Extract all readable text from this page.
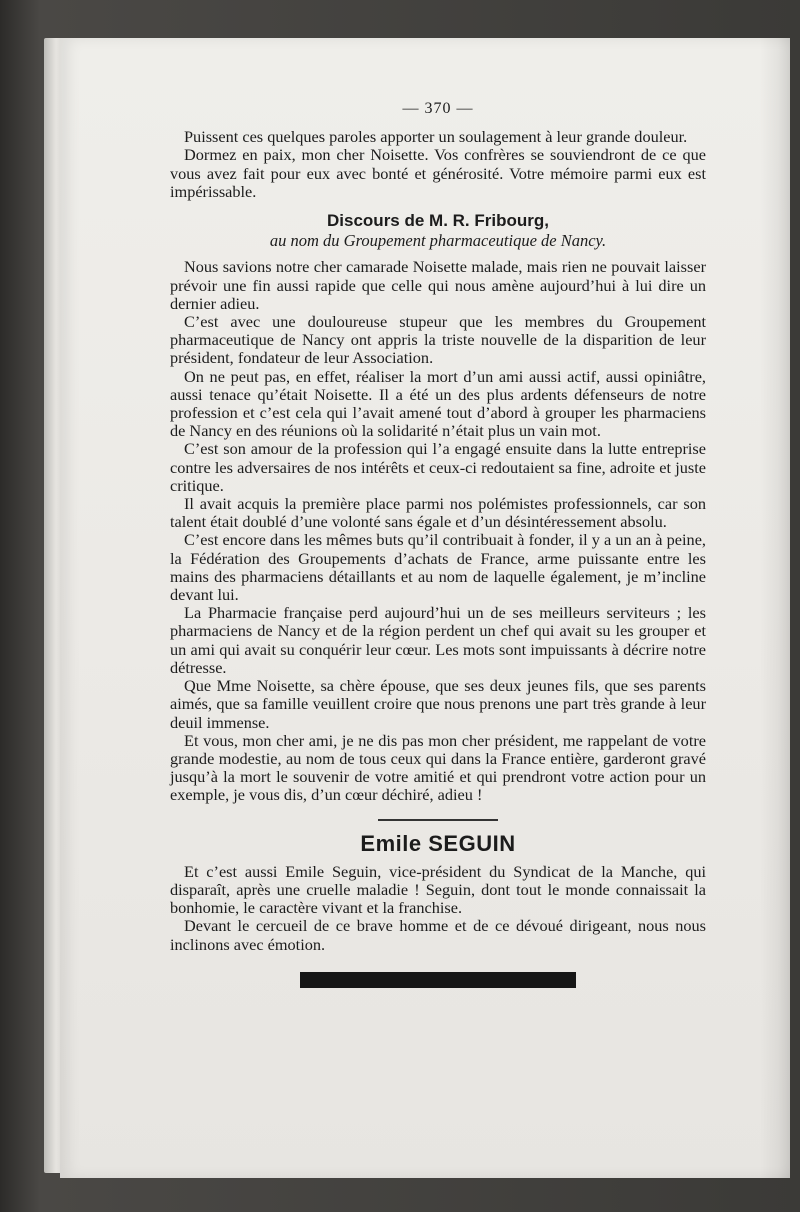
— 370 —

Puissent ces quelques paroles apporter un soulagement à leur grande douleur.

Dormez en paix, mon cher Noisette. Vos confrères se souviendront de ce que vous avez fait pour eux avec bonté et générosité. Votre mémoire parmi eux est impérissable.

Discours de M. R. Fribourg,
au nom du Groupement pharmaceutique de Nancy.

Nous savions notre cher camarade Noisette malade, mais rien ne pouvait laisser prévoir une fin aussi rapide que celle qui nous amène aujourd’hui à lui dire un dernier adieu.

C’est avec une douloureuse stupeur que les membres du Groupement pharmaceutique de Nancy ont appris la triste nouvelle de la disparition de leur président, fondateur de leur Association.

On ne peut pas, en effet, réaliser la mort d’un ami aussi actif, aussi opiniâtre, aussi tenace qu’était Noisette. Il a été un des plus ardents défenseurs de notre profession et c’est cela qui l’avait amené tout d’abord à grouper les pharmaciens de Nancy en des réunions où la solidarité n’était plus un vain mot.

C’est son amour de la profession qui l’a engagé ensuite dans la lutte entreprise contre les adversaires de nos intérêts et ceux-ci redoutaient sa fine, adroite et juste critique.

Il avait acquis la première place parmi nos polémistes professionnels, car son talent était doublé d’une volonté sans égale et d’un désintéressement absolu.

C’est encore dans les mêmes buts qu’il contribuait à fonder, il y a un an à peine, la Fédération des Groupements d’achats de France, arme puissante entre les mains des pharmaciens détaillants et au nom de laquelle également, je m’incline devant lui.

La Pharmacie française perd aujourd’hui un de ses meilleurs serviteurs ; les pharmaciens de Nancy et de la région perdent un chef qui avait su les grouper et un ami qui avait su conquérir leur cœur. Les mots sont impuissants à décrire notre détresse.

Que Mme Noisette, sa chère épouse, que ses deux jeunes fils, que ses parents aimés, que sa famille veuillent croire que nous prenons une part très grande à leur deuil immense.

Et vous, mon cher ami, je ne dis pas mon cher président, me rappelant de votre grande modestie, au nom de tous ceux qui dans la France entière, garderont gravé jusqu’à la mort le souvenir de votre amitié et qui prendront votre action pour un exemple, je vous dis, d’un cœur déchiré, adieu !

Emile SEGUIN

Et c’est aussi Emile Seguin, vice-président du Syndicat de la Manche, qui disparaît, après une cruelle maladie ! Seguin, dont tout le monde connaissait la bonhomie, le caractère vivant et la franchise.

Devant le cercueil de ce brave homme et de ce dévoué dirigeant, nous nous inclinons avec émotion.
